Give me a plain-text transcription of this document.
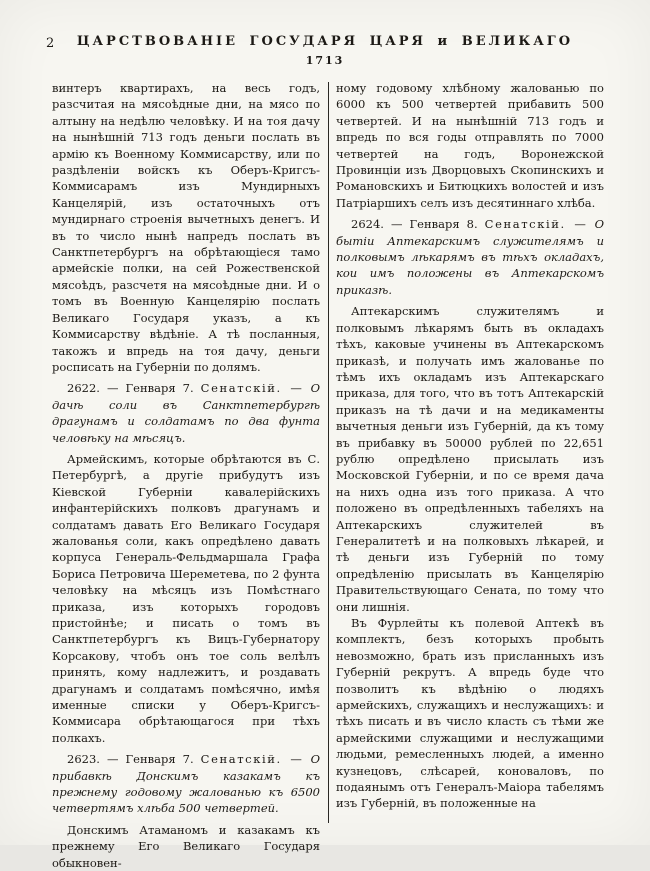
2	ЦАРСТВОВАНІЕ ГОСУДАРЯ ЦАРЯ и ВЕЛИКАГО
1713

винтеръ квартирахъ, на весь годъ, разсчитая на мясоѣдные дни, на мясо по алтыну на недѣлю человѣку. И на тоя дачу на нынѣшній 713 годъ деньги послать въ армію къ Военному Коммисарству, или по раздѣленіи войскъ къ Оберъ-Кригсъ-Коммисарамъ изъ Мундирныхъ Канцелярій, изъ остаточныхъ отъ мундирнаго строенія вычетныхъ денегъ. И въ то число нынѣ напредъ послать въ Санктпетербургъ на обрѣтающіеся тамо армейскіе полки, на сей Рожественской мясоѣдъ, разсчетя на мясоѣдные дни. И о томъ въ Военную Канцелярію послать Великаго Государя указъ, а къ Коммисарству вѣдѣніе. А тѣ посланныя, такожъ и впредь на тоя дачу, деньги росписать на Губерніи по долямъ.

2622. — Генваря 7. Сенатскій. — О дачѣ соли въ Санктпетербургѣ драгунамъ и солдатамъ по два фунта человѣку на мѣсяцъ.

Армейскимъ, которые обрѣтаются въ С. Петербургѣ, а другіе прибудутъ изъ Кіевской Губерніи кавалерійскихъ инфантерійскихъ полковъ драгунамъ и солдатамъ давать Его Великаго Государя жалованья соли, какъ опредѣлено давать корпуса Генераль-Фельдмаршала Графа Бориса Петровича Шереметева, по 2 фунта человѣку на мѣсяцъ изъ Помѣстнаго приказа, изъ которыхъ городовъ пристойнѣе; и писать о томъ въ Санктпетербургъ къ Вицъ-Губернатору Корсакову, чтобъ онъ тое соль велѣлъ принять, кому надлежитъ, и роздавать драгунамъ и солдатамъ помѣсячно, имѣя именные списки у Оберъ-Кригсъ-Коммисара обрѣтающагося при тѣхъ полкахъ.

2623. — Генваря 7. Сенатскій. — О прибавкѣ Донскимъ казакамъ къ прежнему годовому жалованью къ 6500 четвертямъ хлѣба 500 четвертей.

Донскимъ Атаманомъ и казакамъ къ прежнему Его Великаго Государя обыкновен-

ному годовому хлѣбному жалованью по 6000 къ 500 четвертей прибавить 500 четвертей. И на нынѣшній 713 годъ и впредь по вся годы отправлять по 7000 четвертей на годъ, Воронежской Провинціи изъ Дворцовыхъ Скопинскихъ и Романовскихъ и Битюцкихъ волостей и изъ Патріаршихъ селъ изъ десятиннаго хлѣба.

2624. — Генваря 8. Сенатскій. — О бытіи Аптекарскимъ служителямъ и полковымъ лѣкарямъ въ тѣхъ окладахъ, кои имъ положены въ Аптекарскомъ приказѣ.

Аптекарскимъ служителямъ и полковымъ лѣкарямъ быть въ окладахъ тѣхъ, каковые учинены въ Аптекарскомъ приказѣ, и получать имъ жалованье по тѣмъ ихъ окладамъ изъ Аптекарскаго приказа, для того, что въ тотъ Аптекарскій приказъ на тѣ дачи и на медикаменты вычетныя деньги изъ Губерній, да къ тому въ прибавку въ 50000 рублей по 22,651 рублю опредѣлено присылать изъ Московской Губерніи, и по се время дача на нихъ одна изъ того приказа. А что положено въ опредѣленныхъ табеляхъ на Аптекарскихъ служителей въ Генералитетѣ и на полковыхъ лѣкарей, и тѣ деньги изъ Губерній по тому опредѣленію присылать въ Канцелярію Правительствующаго Сената, по тому что они лишнія.

Въ Фурлейты къ полевой Аптекѣ въ комплектъ, безъ которыхъ пробыть невозможно, брать изъ присланныхъ изъ Губерній рекрутъ. А впредь буде что позволитъ къ вѣдѣнію о людяхъ армейскихъ, служащихъ и неслужащихъ: и тѣхъ писать и въ число класть съ тѣми же армейскими служащими и неслужащими людьми, ремесленныхъ людей, а именно кузнецовъ, слѣсарей, коноваловъ, по подаянымъ отъ Генералъ-Маіора табелямъ изъ Губерній, въ положенные на
